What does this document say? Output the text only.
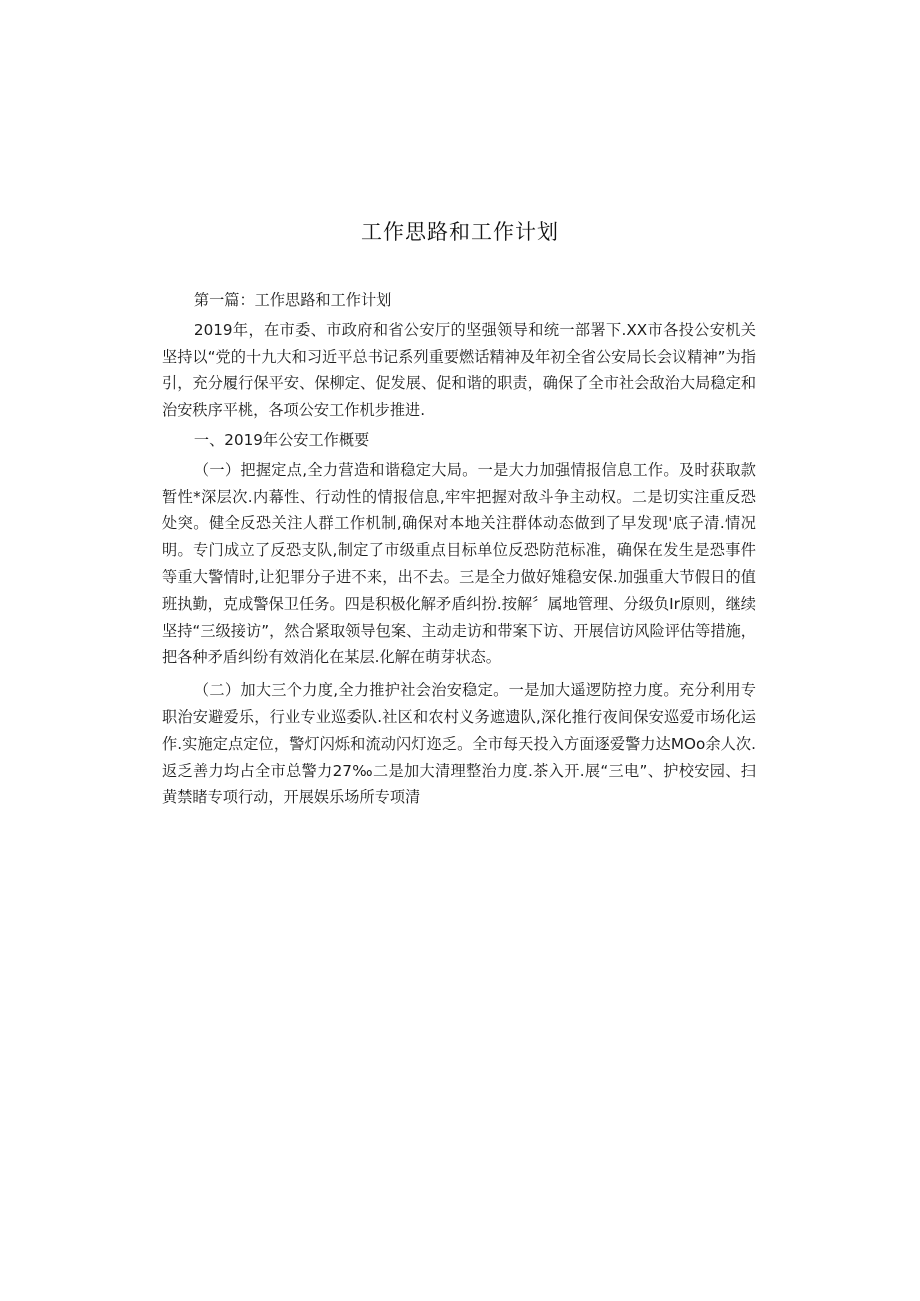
工作思路和工作计划

第一篇：工作思路和工作计划

2019年，在市委、市政府和省公安厅的坚强领导和统一部署下.XX市各投公安机关坚持以“党的十九大和习近平总书记系列重要燃话精神及年初全省公安局长会议精神”为指引，充分履行保平安、保柳定、促发展、促和谐的职责，确保了全市社会敌治大局稳定和治安秩序平桃，各项公安工作机步推进.

一、2019年公安工作概要

（一）把握定点,全力营造和谐稳定大局。一是大力加强情报信息工作。及时获取款暂性*深层次.内幕性、行动性的情报信息,牢牢把握对敌斗争主动权。二是切实注重反恐处突。健全反恐关注人群工作机制,确保对本地关注群体动态做到了早发现'底子清.情况明。专门成立了反恐支队,制定了市级重点目标单位反恐防范标准，确保在发生是恐事件等重大警情时,让犯罪分子进不来，出不去。三是全力做好雉稳安保.加强重大节假日的值班执勤，克成警保卫任务。四是积极化解矛盾纠扮.按解〞属地管理、分级负Ir原则，继续坚持“三级接访”，然合紧取领导包案、主动走访和带案下访、开展信访风险评估等措施，把各种矛盾纠纷有效消化在某层.化解在萌芽状态。

（二）加大三个力度,全力推护社会治安稳定。一是加大遥逻防控力度。充分利用专职治安避爱乐，行业专业巡委队.社区和农村义务遮遗队,深化推行夜间保安巡爱市场化运作.实施定点定位，警灯闪烁和流动闪灯迩乏。全市每天投入方面逐爱警力达MOo余人次.返乏善力均占全市总警力27‰二是加大清理整治力度.茶入开.展“三电”、护校安园、扫黄禁睹专项行动，开展娱乐场所专项清
